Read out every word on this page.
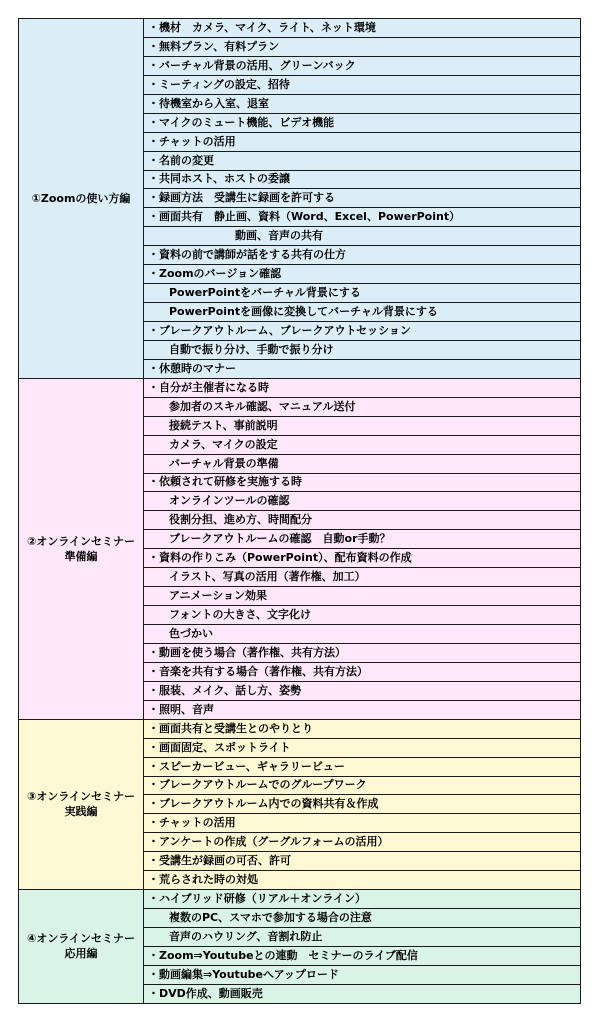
①Zoomの使い方編	・機材　カメラ、マイク、ライト、ネット環境
	・無料プラン、有料プラン
	・バーチャル背景の活用、グリーンバック
	・ミーティングの設定、招待
	・待機室から入室、退室
	・マイクのミュート機能、ビデオ機能
	・チャットの活用
	・名前の変更
	・共同ホスト、ホストの委譲
	・録画方法　受講生に録画を許可する
	・画面共有　静止画、資料（Word、Excel、PowerPoint）
	動画、音声の共有
	・資料の前で講師が話をする共有の仕方
	・Zoomのバージョン確認
	PowerPointをバーチャル背景にする
	PowerPointを画像に変換してバーチャル背景にする
	・ブレークアウトルーム、ブレークアウトセッション
	自動で振り分け、手動で振り分け
	・休憩時のマナー
②オンラインセミナー
準備編	・自分が主催者になる時
	参加者のスキル確認、マニュアル送付
	接続テスト、事前説明
	カメラ、マイクの設定
	バーチャル背景の準備
	・依頼されて研修を実施する時
	オンラインツールの確認
	役割分担、進め方、時間配分
	ブレークアウトルームの確認　自動or手動？
	・資料の作りこみ（PowerPoint）、配布資料の作成
	イラスト、写真の活用（著作権、加工）
	アニメーション効果
	フォントの大きさ、文字化け
	色づかい
	・動画を使う場合（著作権、共有方法）
	・音楽を共有する場合（著作権、共有方法）
	・服装、メイク、話し方、姿勢
	・照明、音声
③オンラインセミナー
実践編	・画面共有と受講生とのやりとり
	・画面固定、スポットライト
	・スピーカービュー、ギャラリービュー
	・ブレークアウトルームでのグループワーク
	・ブレークアウトルーム内での資料共有＆作成
	・チャットの活用
	・アンケートの作成（グーグルフォームの活用）
	・受講生が録画の可否、許可
	・荒らされた時の対処
④オンラインセミナー
応用編	・ハイブリッド研修（リアル＋オンライン）
	複数のPC、スマホで参加する場合の注意
	音声のハウリング、音割れ防止
	・Zoom⇒Youtubeとの連動　セミナーのライブ配信
	・動画編集⇒Youtubeへアップロード
	・DVD作成、動画販売
